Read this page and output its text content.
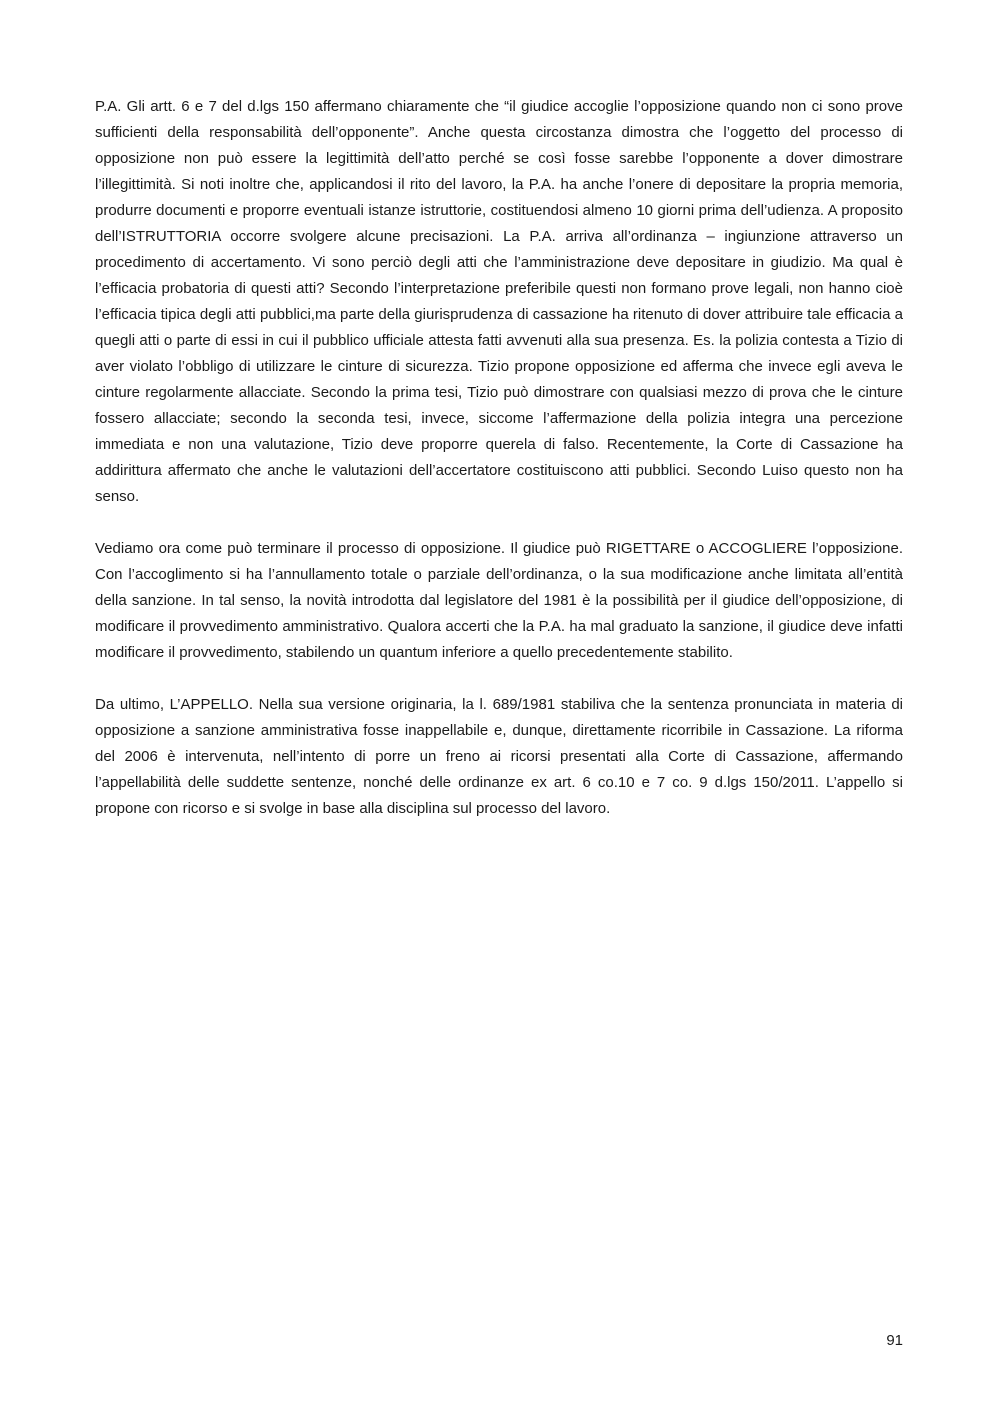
P.A. Gli artt. 6 e 7 del d.lgs 150 affermano chiaramente che “il giudice accoglie l’opposizione quando non ci sono prove sufficienti della responsabilità dell’opponente”. Anche questa circostanza dimostra che l’oggetto del processo di opposizione non può essere la legittimità dell’atto perché se così fosse sarebbe l’opponente a dover dimostrare l’illegittimità. Si noti inoltre che, applicandosi il rito del lavoro, la P.A. ha anche l’onere di depositare la propria memoria, produrre documenti e proporre eventuali istanze istruttorie, costituendosi almeno 10 giorni prima dell’udienza. A proposito dell’ISTRUTTORIA occorre svolgere alcune precisazioni. La P.A. arriva all’ordinanza – ingiunzione attraverso un procedimento di accertamento. Vi sono perciò degli atti che l’amministrazione deve depositare in giudizio. Ma qual è l’efficacia probatoria di questi atti? Secondo l’interpretazione preferibile questi non formano prove legali, non hanno cioè l’efficacia tipica degli atti pubblici,ma parte della giurisprudenza di cassazione ha ritenuto di dover attribuire tale efficacia a quegli atti o parte di essi in cui il pubblico ufficiale attesta fatti avvenuti alla sua presenza. Es. la polizia contesta a Tizio di aver violato l’obbligo di utilizzare le cinture di sicurezza. Tizio propone opposizione ed afferma che invece egli aveva le cinture regolarmente allacciate. Secondo la prima tesi, Tizio può dimostrare con qualsiasi mezzo di prova che le cinture fossero allacciate; secondo la seconda tesi, invece, siccome l’affermazione della polizia integra una percezione immediata e non una valutazione, Tizio deve proporre querela di falso. Recentemente, la Corte di Cassazione ha addirittura affermato che anche le valutazioni dell’accertatore costituiscono atti pubblici. Secondo Luiso questo non ha senso.

Vediamo ora come può terminare il processo di opposizione. Il giudice può RIGETTARE o ACCOGLIERE l’opposizione. Con l’accoglimento si ha l’annullamento totale o parziale dell’ordinanza, o la sua modificazione anche limitata all’entità della sanzione. In tal senso, la novità introdotta dal legislatore del 1981 è la possibilità per il giudice dell’opposizione, di modificare il provvedimento amministrativo. Qualora accerti che la P.A. ha mal graduato la sanzione, il giudice deve infatti modificare il provvedimento, stabilendo un quantum inferiore a quello precedentemente stabilito.

Da ultimo, L’APPELLO. Nella sua versione originaria, la l. 689/1981 stabiliva che la sentenza pronunciata in materia di opposizione a sanzione amministrativa fosse inappellabile e, dunque, direttamente ricorribile in Cassazione. La riforma del 2006 è intervenuta, nell’intento di porre un freno ai ricorsi presentati alla Corte di Cassazione, affermando l’appellabilità delle suddette sentenze, nonché delle ordinanze ex art. 6 co.10 e 7 co. 9 d.lgs 150/2011. L’appello si propone con ricorso e si svolge in base alla disciplina sul processo del lavoro.

91
